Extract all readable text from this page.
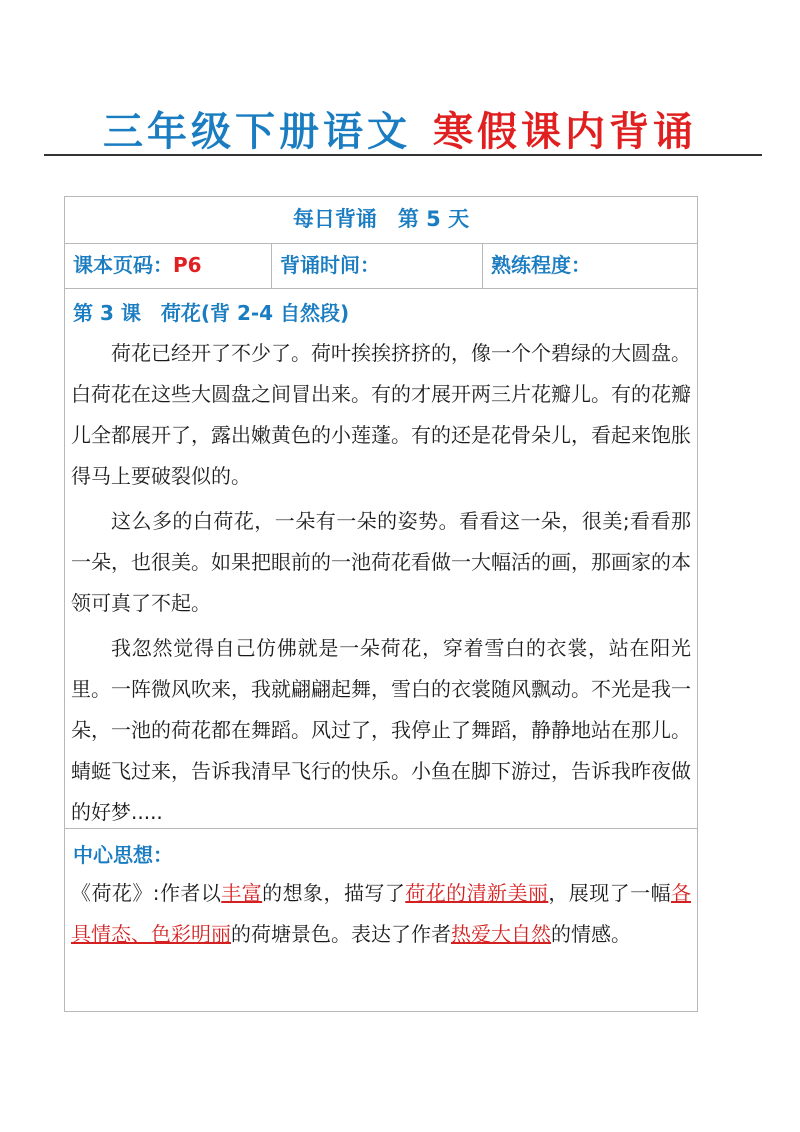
三年级下册语文 寒假课内背诵
每日背诵　第 5 天
课本页码：P6	背诵时间：	熟练程度：
第 3 课　荷花(背 2-4 自然段)

荷花已经开了不少了。荷叶挨挨挤挤的，像一个个碧绿的大圆盘。白荷花在这些大圆盘之间冒出来。有的才展开两三片花瓣儿。有的花瓣儿全都展开了，露出嫩黄色的小莲蓬。有的还是花骨朵儿，看起来饱胀得马上要破裂似的。

这么多的白荷花，一朵有一朵的姿势。看看这一朵，很美;看看那一朵，也很美。如果把眼前的一池荷花看做一大幅活的画，那画家的本领可真了不起。

我忽然觉得自己仿佛就是一朵荷花，穿着雪白的衣裳，站在阳光里。一阵微风吹来，我就翩翩起舞，雪白的衣裳随风飘动。不光是我一朵，一池的荷花都在舞蹈。风过了，我停止了舞蹈，静静地站在那儿。蜻蜓飞过来，告诉我清早飞行的快乐。小鱼在脚下游过，告诉我昨夜做的好梦.....

中心思想：
《荷花》:作者以丰富的想象，描写了荷花的清新美丽，展现了一幅各具情态、色彩明丽的荷塘景色。表达了作者热爱大自然的情感。
